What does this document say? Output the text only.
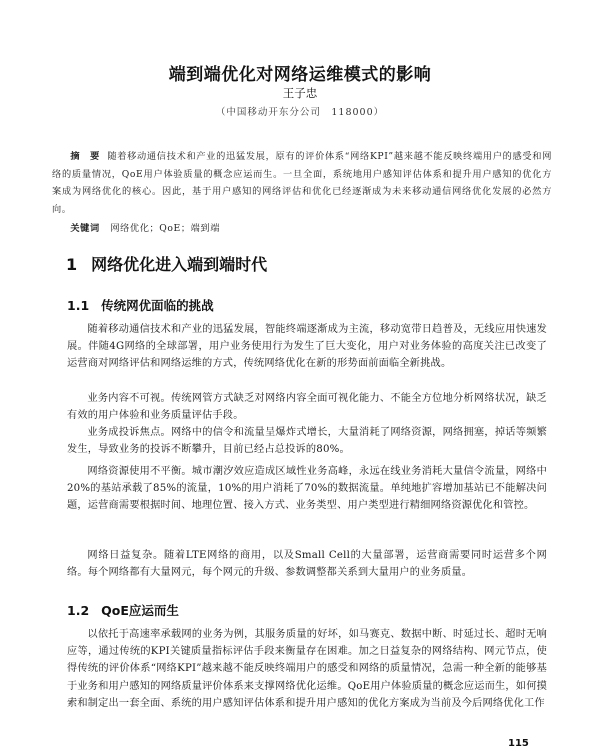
端到端优化对网络运维模式的影响
王子忠
（中国移动开东分公司　118000）
摘　要 随着移动通信技术和产业的迅猛发展，原有的评价体系“网络KPI”越来越不能反映终端用户的感受和网络的质量情况，QoE用户体验质量的概念应运而生。一旦全面，系统地用户感知评估体系和提升用户感知的优化方案成为网络优化的核心。因此，基于用户感知的网络评估和优化已经逐渐成为未来移动通信网络优化发展的必然方向。
关键词 网络优化；QoE；端到端
1 网络优化进入端到端时代
1.1 传统网优面临的挑战
随着移动通信技术和产业的迅猛发展，智能终端逐渐成为主流，移动宽带日趋普及，无线应用快速发展。伴随4G网络的全球部署，用户业务使用行为发生了巨大变化，用户对业务体验的高度关注已改变了运营商对网络评估和网络运维的方式，传统网络优化在新的形势面前面临全新挑战。
业务内容不可视。传统网管方式缺乏对网络内容全面可视化能力、不能全方位地分析网络状况，缺乏有效的用户体验和业务质量评估手段。
业务成投诉焦点。网络中的信令和流量呈爆炸式增长，大量消耗了网络资源，网络拥塞，掉话等频繁发生，导致业务的投诉不断攀升，目前已经占总投诉的80%。
网络资源使用不平衡。城市潮汐效应造成区域性业务高峰，永远在线业务消耗大量信令流量，网络中20%的基站承载了85%的流量，10%的用户消耗了70%的数据流量。单纯地扩容增加基站已不能解决问题，运营商需要根据时间、地理位置、接入方式、业务类型、用户类型进行精细网络资源优化和管控。
网络日益复杂。随着LTE网络的商用，以及Small Cell的大量部署，运营商需要同时运营多个网络。每个网络都有大量网元，每个网元的升级、参数调整都关系到大量用户的业务质量。
1.2 QoE应运而生
以依托于高速率承载网的业务为例，其服务质量的好坏，如马赛克、数据中断、时延过长、超时无响应等，通过传统的KPI关键质量指标评估手段来衡量存在困难。加之日益复杂的网络结构、网元节点，使得传统的评价体系“网络KPI”越来越不能反映终端用户的感受和网络的质量情况，急需一种全新的能够基于业务和用户感知的网络质量评价体系来支撑网络优化运维。QoE用户体验质量的概念应运而生，如何摸索和制定出一套全面、系统的用户感知评估体系和提升用户感知的优化方案成为当前及今后网络优化工作
115
